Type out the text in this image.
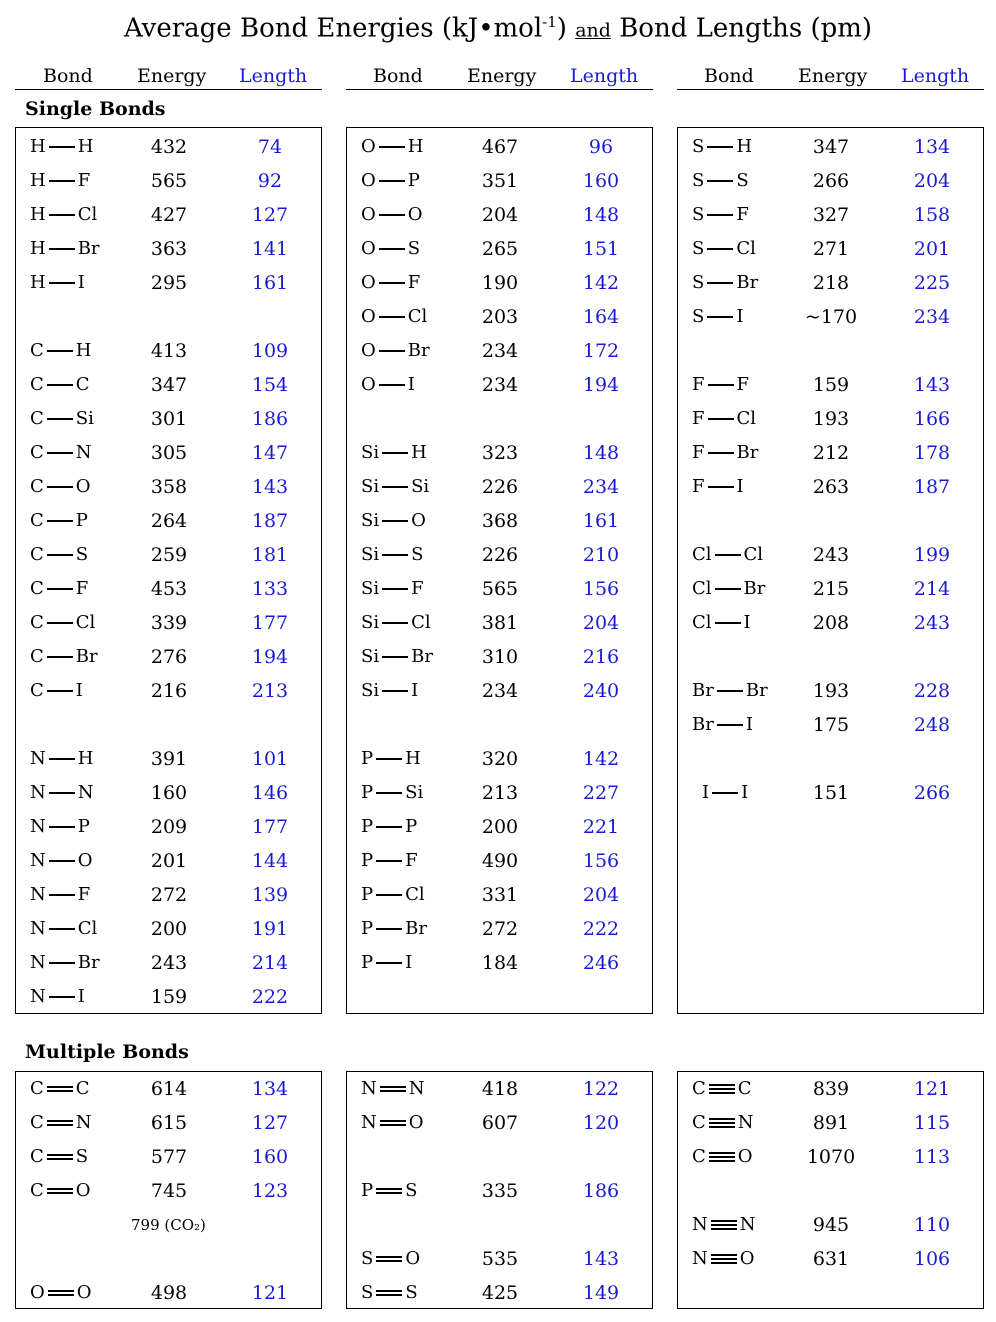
Average Bond Energies (kJ•mol$^{-1}$) and Bond Lengths (pm)
Bond Energy Length	Bond Energy Length	Bond Energy Length
Single Bonds
H H	432	74
H F	565	92
H Cl	427	127
H Br	363	141
H I	295	161
C H	413	109
C C	347	154
C Si	301	186
C N	305	147
C O	358	143
C P	264	187
C S	259	181
C F	453	133
C Cl	339	177
C Br	276	194
C I	216	213
N H	391	101
N N	160	146
N P	209	177
N O	201	144
N F	272	139
N Cl	200	191
N Br	243	214
N I	159	222
O H	467	96
O P	351	160
O O	204	148
O S	265	151
O F	190	142
O Cl	203	164
O Br	234	172
O I	234	194
Si H	323	148
Si Si	226	234
Si O	368	161
Si S	226	210
Si F	565	156
Si Cl	381	204
Si Br	310	216
Si I	234	240
P H	320	142
P Si	213	227
P P	200	221
P F	490	156
P Cl	331	204
P Br	272	222
P I	184	246
S H	347	134
S S	266	204
S F	327	158
S Cl	271	201
S Br	218	225
S I	~170	234
F F	159	143
F Cl	193	166
F Br	212	178
F I	263	187
Cl Cl	243	199
Cl Br	215	214
Cl I	208	243
Br Br	193	228
Br I	175	248
I I	151	266
Multiple Bonds
C C	614	134
C N	615	127
C S	577	160
C O	745	123
799 (CO₂)
O O	498	121
N N	418	122
N O	607	120
P S	335	186
S O	535	143
S S	425	149
C C	839	121
C N	891	115
C O	1070	113
N N	945	110
N O	631	106
